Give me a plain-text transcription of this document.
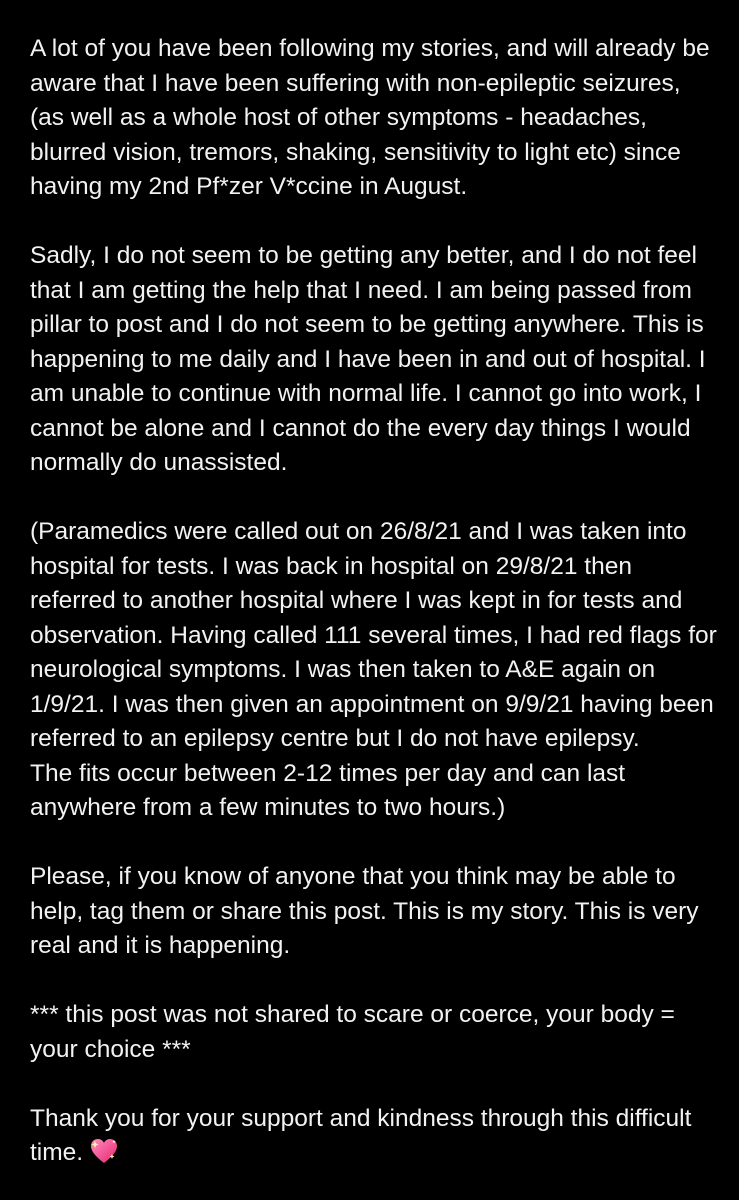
A lot of you have been following my stories, and will already be aware that I have been suffering with non-epileptic seizures, (as well as a whole host of other symptoms - headaches, blurred vision, tremors, shaking, sensitivity to light etc) since having my 2nd Pf*zer V*ccine in August.

Sadly, I do not seem to be getting any better, and I do not feel that I am getting the help that I need. I am being passed from pillar to post and I do not seem to be getting anywhere. This is happening to me daily and I have been in and out of hospital. I am unable to continue with normal life. I cannot go into work, I cannot be alone and I cannot do the every day things I would normally do unassisted.

(Paramedics were called out on 26/8/21 and I was taken into hospital for tests. I was back in hospital on 29/8/21 then referred to another hospital where I was kept in for tests and observation. Having called 111 several times, I had red flags for neurological symptoms. I was then taken to A&E again on 1/9/21. I was then given an appointment on 9/9/21 having been referred to an epilepsy centre but I do not have epilepsy.
The fits occur between 2-12 times per day and can last anywhere from a few minutes to two hours.)

Please, if you know of anyone that you think may be able to help, tag them or share this post. This is my story. This is very real and it is happening.

*** this post was not shared to scare or coerce, your body = your choice ***

Thank you for your support and kindness through this difficult time.
